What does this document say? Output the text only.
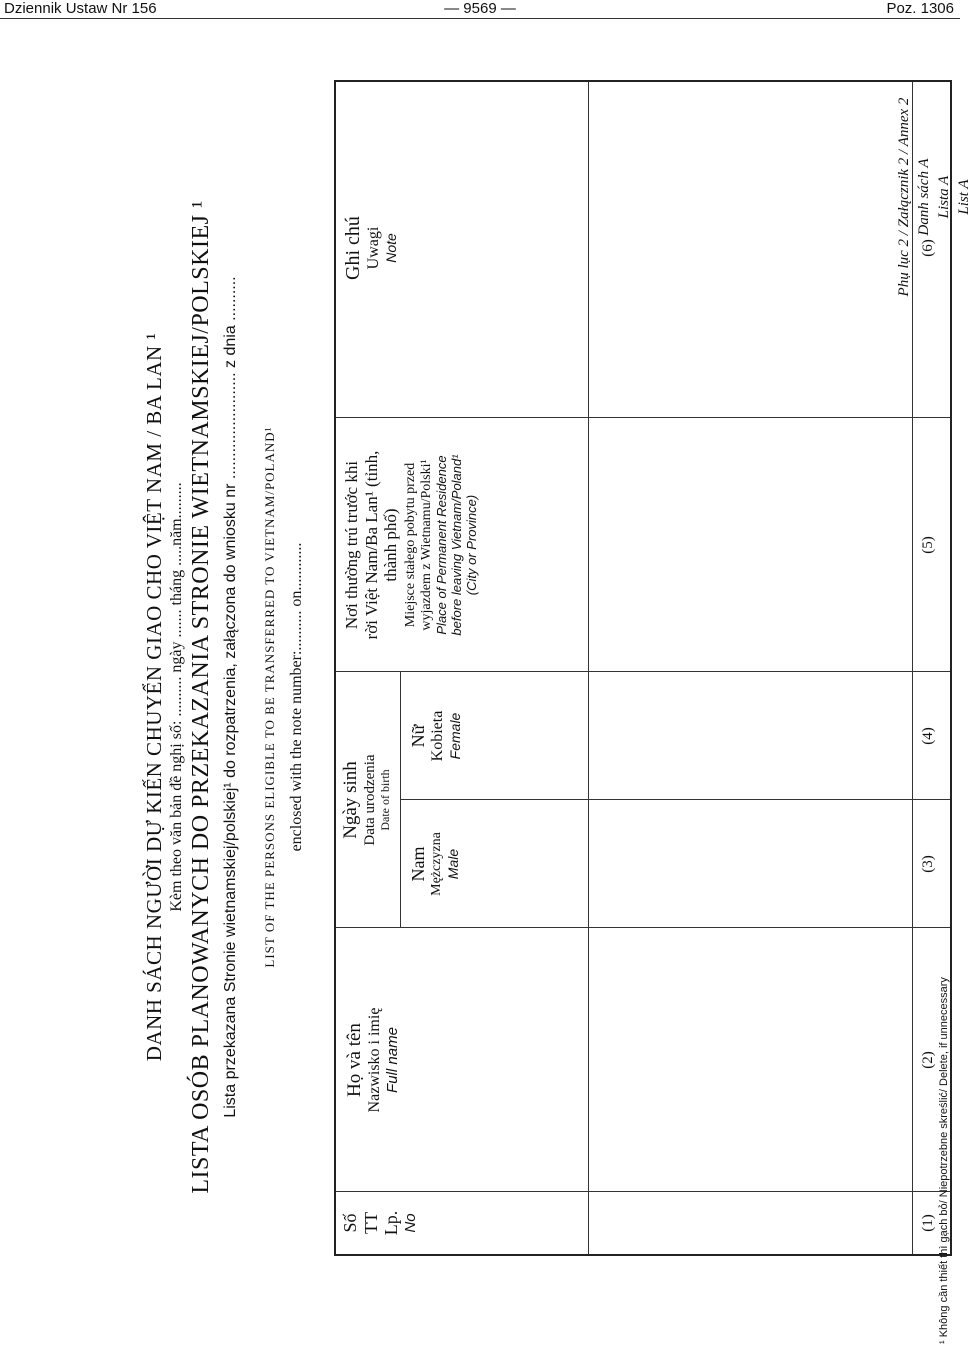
Dziennik Ustaw Nr 156	— 9569 —	Poz. 1306
Phụ lục 2 / Załącznik 2 / Annex 2 Danh sách A Lista A List A
DANH SÁCH NGƯỜI DỰ KIẾN CHUYỂN GIAO CHO VIỆT NAM / BA LAN ¹ Kèm theo văn bản đề nghị số: .......... ngày ....... tháng .....năm......... LISTA OSÓB PLANOWANYCH DO PRZEKAZANIA STRONIE WIETNAMSKIEJ/POLSKIEJ ¹ Lista przekazana Stronie wietnamskiej/polskiej¹ do rozpatrzenia, załączona do wniosku nr ........................ z dnia .......... LIST OF THE PERSONS ELIGIBLE TO BE TRANSFERRED TO VIETNAM/POLAND¹ enclosed with the note number:.......... on............
Số TT Lp. No
Họ và tên Nazwisko i imię Full name
Ngày sinh Data urodzenia Date of birth
Nam Mężczyzna Male
Nữ Kobieta Female
Nơi thường trú trước khi rời Việt Nam/Ba Lan¹ (tỉnh, thành phố) Miejsce stałego pobytu przed wyjazdem z Wietnamu/Polski¹ Place of Permanent Residence before leaving Vietnam/Poland¹ (City or Province)
Ghi chú Uwagi Note
(1)
(2)
(3)
(4)
(5)
(6)
¹ Không cần thiết thì gạch bỏ/ Niepotrzebne skreślić/ Delete, if unnecessary
